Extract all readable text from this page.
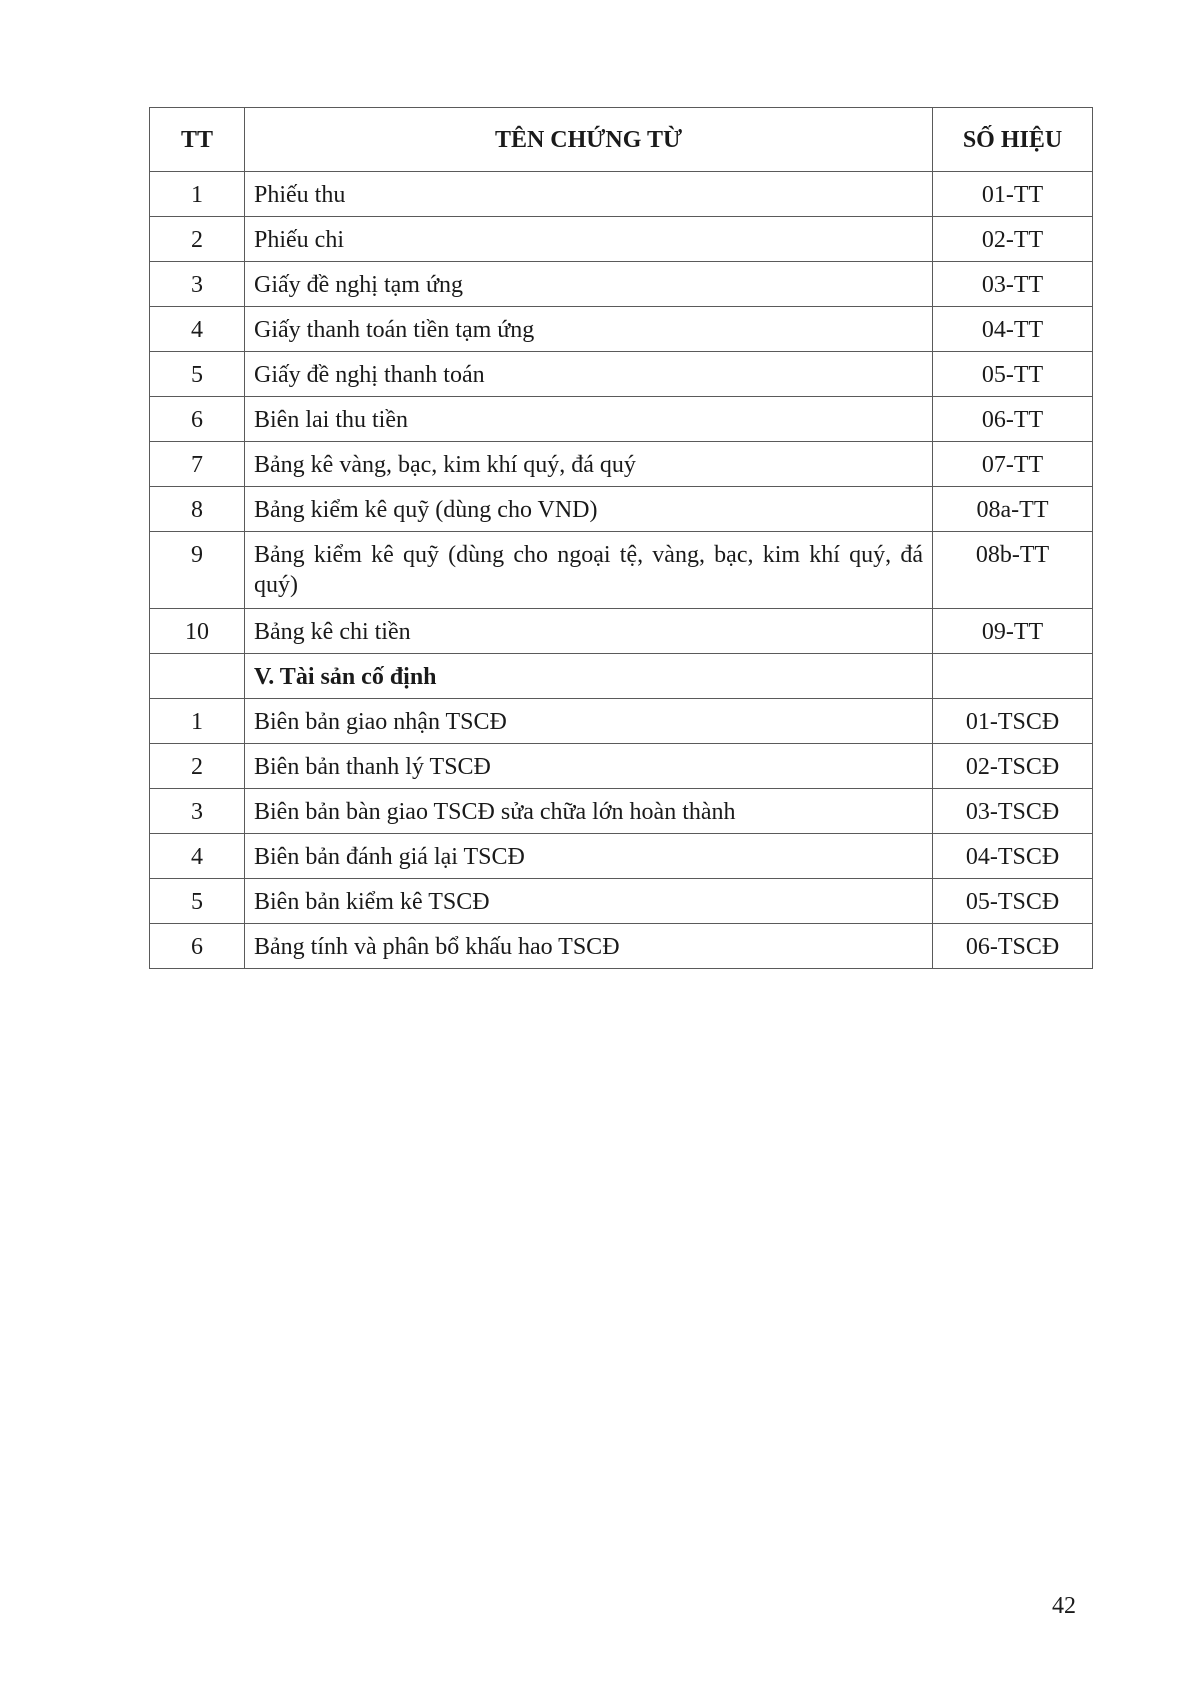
TT	TÊN CHỨNG TỪ	SỐ HIỆU
1	Phiếu thu	01-TT
2	Phiếu chi	02-TT
3	Giấy đề nghị tạm ứng	03-TT
4	Giấy thanh toán tiền tạm ứng	04-TT
5	Giấy đề nghị thanh toán	05-TT
6	Biên lai thu tiền	06-TT
7	Bảng kê vàng, bạc, kim khí quý, đá quý	07-TT
8	Bảng kiểm kê quỹ (dùng cho VND)	08a-TT
9	Bảng kiểm kê quỹ (dùng cho ngoại tệ, vàng, bạc, kim khí quý, đá quý)	08b-TT
10	Bảng kê chi tiền	09-TT
	V. Tài sản cố định	
1	Biên bản giao nhận TSCĐ	01-TSCĐ
2	Biên bản thanh lý TSCĐ	02-TSCĐ
3	Biên bản bàn giao TSCĐ sửa chữa lớn hoàn thành	03-TSCĐ
4	Biên bản đánh giá lại TSCĐ	04-TSCĐ
5	Biên bản kiểm kê TSCĐ	05-TSCĐ
6	Bảng tính và phân bổ khấu hao TSCĐ	06-TSCĐ
42
